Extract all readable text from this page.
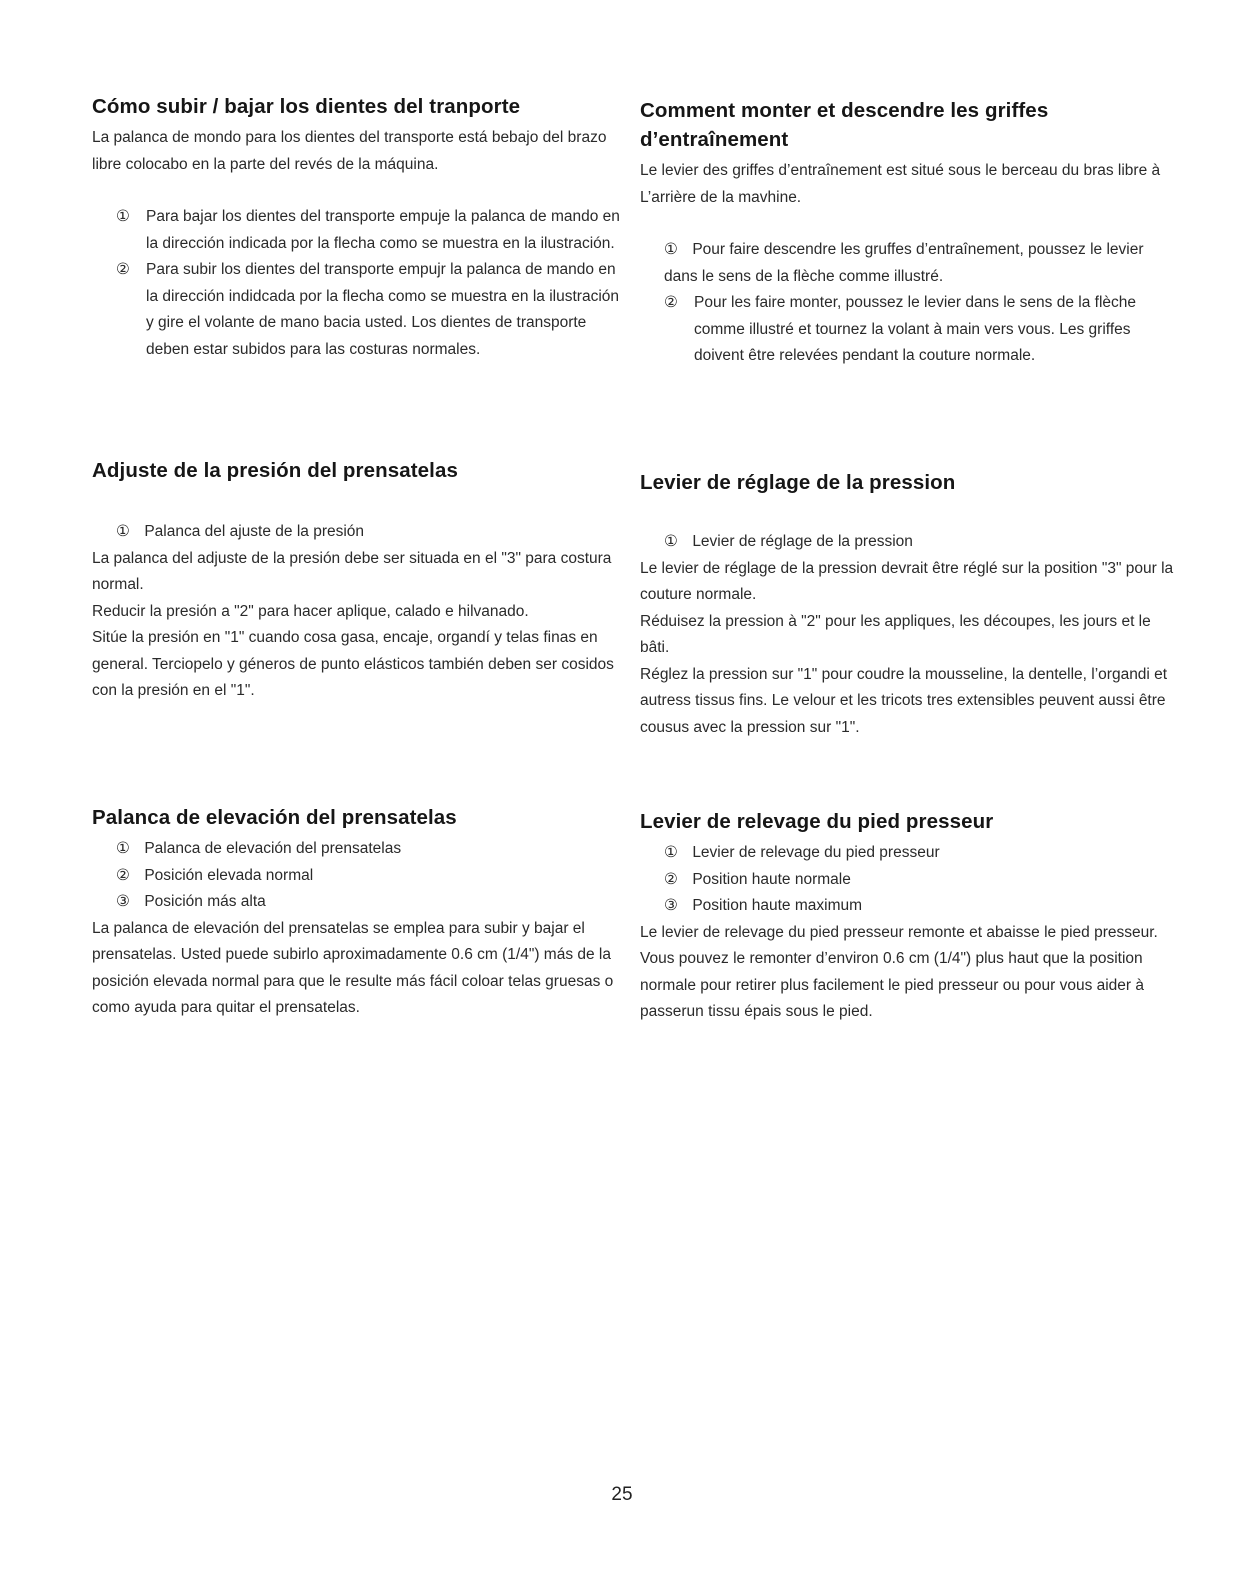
Cómo subir / bajar los dientes del tranporte
La palanca de mondo para los dientes del transporte está bebajo del brazo libre colocabo en la parte del revés de la máquina.
①	Para bajar los dientes del transporte empuje la palanca de mando en la dirección indicada por la flecha como se muestra en la ilustración.
②	Para subir los dientes del transporte empujr la palanca de mando en la dirección indidcada por la flecha como se muestra en la ilustración y gire el volante de mano bacia usted. Los dientes de transporte deben estar subidos para las costuras normales.
Adjuste de la presión del prensatelas
① Palanca del ajuste de la presión
La palanca del adjuste de la presión debe ser situada en el "3" para costura normal.
Reducir la presión a "2" para hacer aplique, calado e hilvanado.
Sitúe la presión en "1" cuando cosa gasa, encaje, organdí y telas finas en general. Terciopelo y géneros de punto elásticos también deben ser cosidos con la presión en el "1".
Palanca de elevación del prensatelas
① Palanca de elevación del prensatelas
② Posición elevada normal
③ Posición más alta
La palanca de elevación del prensatelas se emplea para subir y bajar el prensatelas. Usted puede subirlo aproximadamente 0.6 cm (1/4") más de la posición elevada normal para que le resulte más fácil coloar telas gruesas o como ayuda para quitar el prensatelas.
Comment monter et descendre les griffes d’entraînement
Le levier des griffes d’entraînement est situé sous le berceau du bras libre à L’arrière de la mavhine.
① Pour faire descendre les gruffes d’entraînement, poussez le levier dans le sens de la flèche comme illustré.
②	Pour les faire monter, poussez le levier dans le sens de la flèche comme illustré et tournez la volant à main vers vous. Les griffes doivent être relevées pendant la couture normale.
Levier de réglage de la pression
① Levier de réglage de la pression
Le levier de réglage de la pression devrait être réglé sur la position "3" pour la couture normale.
Réduisez la pression à "2" pour les appliques, les découpes, les jours et le bâti.
Réglez la pression sur "1" pour coudre la mousseline, la dentelle, l’organdi et autress tissus fins. Le velour et les tricots tres extensibles peuvent aussi être cousus avec la pression sur "1".
Levier de relevage du pied presseur
① Levier de relevage du pied presseur
② Position haute normale
③ Position haute maximum
Le levier de relevage du pied presseur remonte et abaisse le pied presseur. Vous pouvez le remonter d’environ 0.6 cm (1/4") plus haut que la position normale pour retirer plus facilement le pied presseur ou pour vous aider à passerun tissu épais sous le pied.
25
